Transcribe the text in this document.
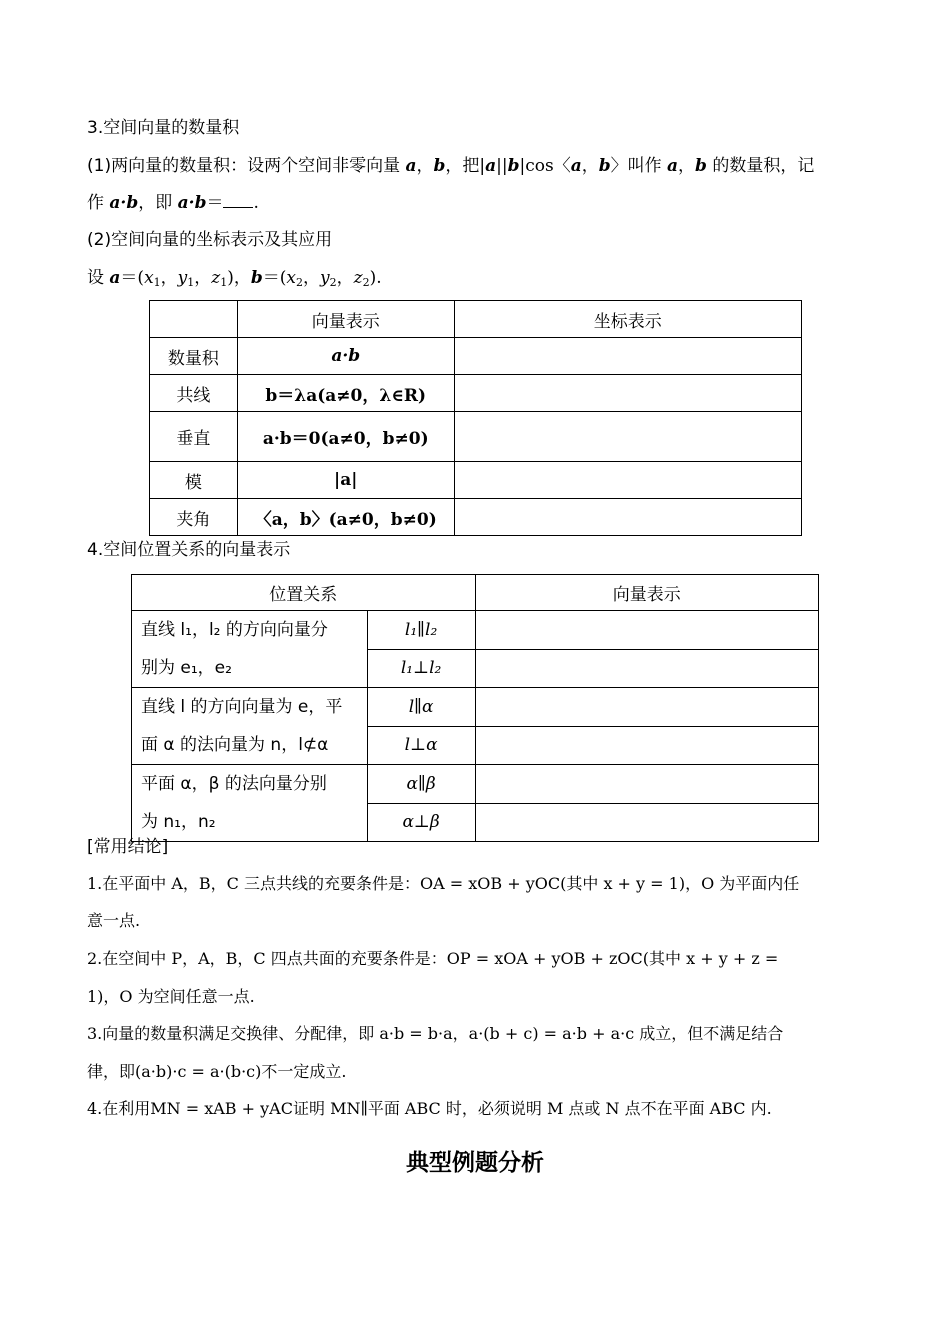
3.空间向量的数量积
(1)两向量的数量积：设两个空间非零向量 a，b，把|a||b|cos〈a，b〉叫作 a，b 的数量积，记
作 a·b，即 a·b＝ .
(2)空间向量的坐标表示及其应用
设 $a=(x_1$，$y_1$，$z_1$)，$b=(x_2$，$y_2$，$z_2$).
	向量表示	坐标表示
数量积	a·b	
共线	b＝λa(a≠0，λ∈R)	
垂直	a·b＝0(a≠0，b≠0)	
模	|a|	
夹角	〈a，b〉(a≠0，b≠0)	
4.空间位置关系的向量表示
位置关系		向量表示

直线 l₁，l₂ 的方向向量分
别为 e₁，e₂	l₁∥l₂	
	l₁⊥l₂	

直线 l 的方向向量为 e，平
面 α 的法向量为 n，l⊄α	l∥α	
	l⊥α	

平面 α，β 的法向量分别
为 n₁，n₂	α∥β	
	α⊥β	
[常用结论]
1.在平面中 A，B，C 三点共线的充要条件是：OA = xOB + yOC(其中 x + y = 1)，O 为平面内任
意一点.
2.在空间中 P，A，B，C 四点共面的充要条件是：OP = xOA + yOB + zOC(其中 x + y + z =
1)，O 为空间任意一点.
3.向量的数量积满足交换律、分配律，即 a·b = b·a，a·(b + c) = a·b + a·c 成立，但不满足结合
律，即(a·b)·c = a·(b·c)不一定成立.
4.在利用MN = xAB + yAC证明 MN∥平面 ABC 时，必须说明 M 点或 N 点不在平面 ABC 内.
典型例题分析
